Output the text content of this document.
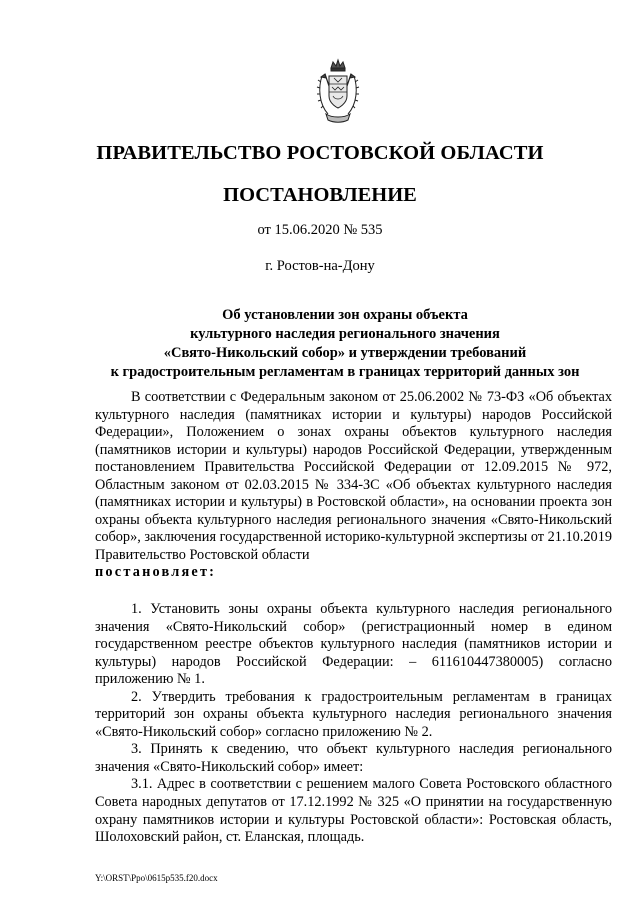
ПРАВИТЕЛЬСТВО РОСТОВСКОЙ ОБЛАСТИ
ПОСТАНОВЛЕНИЕ
от 15.06.2020 № 535
г. Ростов-на-Дону
Об установлении зон охраны объекта
культурного наследия регионального значения
«Свято-Никольский собор» и утверждении требований
к градостроительным регламентам в границах территорий данных зон

В соответствии с Федеральным законом от 25.06.2002 № 73-ФЗ «Об объектах культурного наследия (памятниках истории и культуры) народов Российской Федерации», Положением о зонах охраны объектов культурного наследия (памятников истории и культуры) народов Российской Федерации, утвержденным постановлением Правительства Российской Федерации от 12.09.2015 № 972, Областным законом от 02.03.2015 № 334-ЗС «Об объектах культурного наследия (памятниках истории и культуры) в Ростовской области», на основании проекта зон охраны объекта культурного наследия регионального значения «Свято-Никольский собор», заключения государственной историко-культурной экспертизы от 21.10.2019 Правительство Ростовской области
постановляет:

1. Установить зоны охраны объекта культурного наследия регионального значения «Свято-Никольский собор» (регистрационный номер в едином государственном реестре объектов культурного наследия (памятников истории и культуры) народов Российской Федерации: – 611610447380005) согласно приложению № 1.

2. Утвердить требования к градостроительным регламентам в границах территорий зон охраны объекта культурного наследия регионального значения «Свято-Никольский собор» согласно приложению № 2.

3. Принять к сведению, что объект культурного наследия регионального значения «Свято-Никольский собор» имеет:

3.1. Адрес в соответствии с решением малого Совета Ростовского областного Совета народных депутатов от 17.12.1992 № 325 «О принятии на государственную охрану памятников истории и культуры Ростовской области»: Ростовская область, Шолоховский район, ст. Еланская, площадь.

Y:\ORST\Ppo\0615p535.f20.docx
